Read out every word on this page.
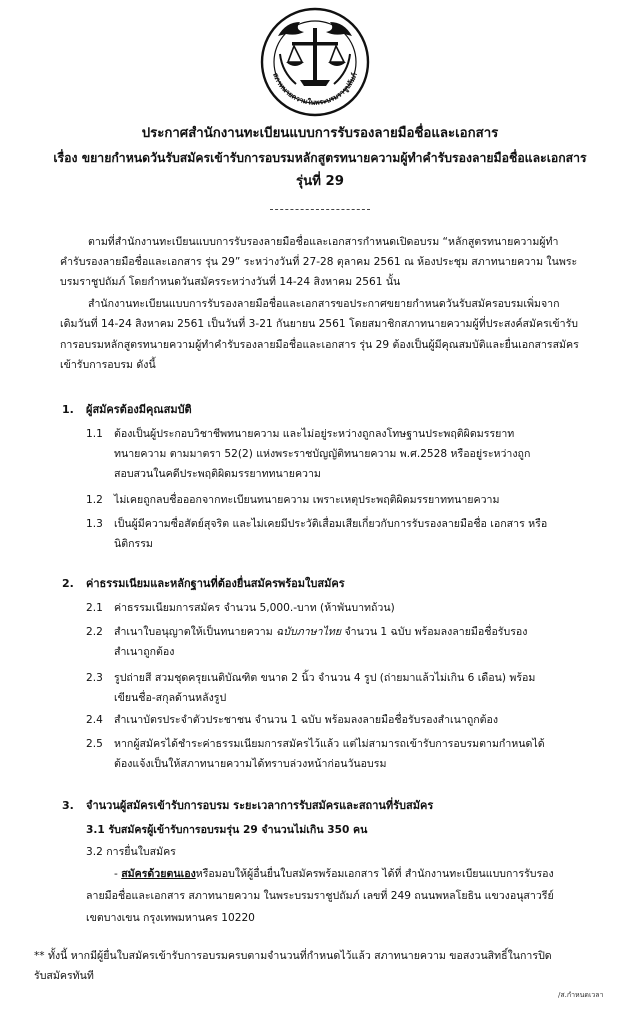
สภาทนายความในพระบรมราชูปถัมภ์
ประกาศสำนักงานทะเบียนแบบการรับรองลายมือชื่อและเอกสาร
เรื่อง ขยายกำหนดวันรับสมัครเข้ารับการอบรมหลักสูตรทนายความผู้ทำคำรับรองลายมือชื่อและเอกสาร
รุ่นที่ 29
ตามที่สำนักงานทะเบียนแบบการรับรองลายมือชื่อและเอกสารกำหนดเปิดอบรม “หลักสูตรทนายความผู้ทำ
คำรับรองลายมือชื่อและเอกสาร รุ่น 29” ระหว่างวันที่ 27-28 ตุลาคม 2561 ณ ห้องประชุม สภาทนายความ ในพระ
บรมราชูปถัมภ์ โดยกำหนดวันสมัครระหว่างวันที่ 14-24 สิงหาคม 2561 นั้น
สำนักงานทะเบียนแบบการรับรองลายมือชื่อและเอกสารขอประกาศขยายกำหนดวันรับสมัครอบรมเพิ่มจาก
เดิมวันที่ 14-24 สิงหาคม 2561 เป็นวันที่ 3-21 กันยายน 2561 โดยสมาชิกสภาทนายความผู้ที่ประสงค์สมัครเข้ารับ
การอบรมหลักสูตรทนายความผู้ทำคำรับรองลายมือชื่อและเอกสาร รุ่น 29 ต้องเป็นผู้มีคุณสมบัติและยื่นเอกสารสมัคร
เข้ารับการอบรม ดังนี้
1. ผู้สมัครต้องมีคุณสมบัติ
1.1 ต้องเป็นผู้ประกอบวิชาชีพทนายความ และไม่อยู่ระหว่างถูกลงโทษฐานประพฤติผิดมรรยาท
ทนายความ ตามมาตรา 52(2) แห่งพระราชบัญญัติทนายความ พ.ศ.2528 หรืออยู่ระหว่างถูก
สอบสวนในคดีประพฤติผิดมรรยาททนายความ
1.2 ไม่เคยถูกลบชื่อออกจากทะเบียนทนายความ เพราะเหตุประพฤติผิดมรรยาททนายความ
1.3 เป็นผู้มีความซื่อสัตย์สุจริต และไม่เคยมีประวัติเสื่อมเสียเกี่ยวกับการรับรองลายมือชื่อ เอกสาร หรือ
นิติกรรม
2. ค่าธรรมเนียมและหลักฐานที่ต้องยื่นสมัครพร้อมใบสมัคร
2.1 ค่าธรรมเนียมการสมัคร จำนวน 5,000.-บาท (ห้าพันบาทถ้วน)
2.2 สำเนาใบอนุญาตให้เป็นทนายความ ฉบับภาษาไทย จำนวน 1 ฉบับ พร้อมลงลายมือชื่อรับรอง
สำเนาถูกต้อง
2.3 รูปถ่ายสี สวมชุดครุยเนติบัณฑิต ขนาด 2 นิ้ว จำนวน 4 รูป (ถ่ายมาแล้วไม่เกิน 6 เดือน) พร้อม
เขียนชื่อ-สกุลด้านหลังรูป
2.4 สำเนาบัตรประจำตัวประชาชน จำนวน 1 ฉบับ พร้อมลงลายมือชื่อรับรองสำเนาถูกต้อง
2.5 หากผู้สมัครได้ชำระค่าธรรมเนียมการสมัครไว้แล้ว แต่ไม่สามารถเข้ารับการอบรมตามกำหนดได้
ต้องแจ้งเป็นให้สภาทนายความได้ทราบล่วงหน้าก่อนวันอบรม
3. จำนวนผู้สมัครเข้ารับการอบรม ระยะเวลาการรับสมัครและสถานที่รับสมัคร
3.1 รับสมัครผู้เข้ารับการอบรมรุ่น 29 จำนวนไม่เกิน 350 คน
3.2 การยื่นใบสมัคร
- สมัครด้วยตนเองหรือมอบให้ผู้อื่นยื่นใบสมัครพร้อมเอกสาร ได้ที่ สำนักงานทะเบียนแบบการรับรอง
ลายมือชื่อและเอกสาร สภาทนายความ ในพระบรมราชูปถัมภ์ เลขที่ 249 ถนนพหลโยธิน แขวงอนุสาวรีย์
เขตบางเขน กรุงเทพมหานคร 10220
** ทั้งนี้ หากมีผู้ยื่นใบสมัครเข้ารับการอบรมครบตามจำนวนที่กำหนดไว้แล้ว สภาทนายความ ขอสงวนสิทธิ์ในการปิด
รับสมัครทันที
/ส.กำหนดเวลา
